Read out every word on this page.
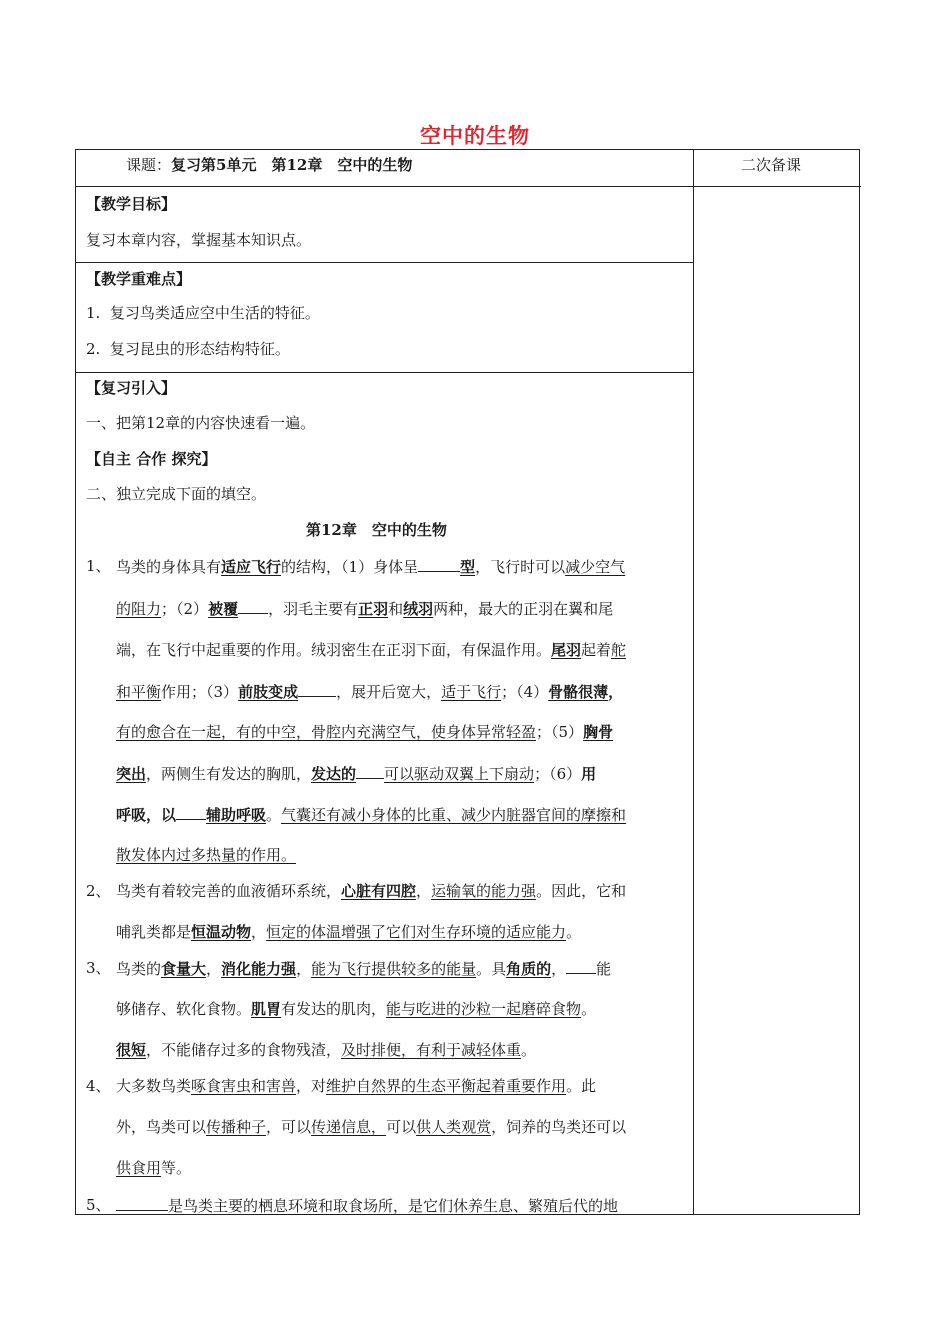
空中的生物
课题：复习第5单元　第12章　空中的生物	二次备课
【教学目标】
复习本章内容，掌握基本知识点。
【教学重难点】
1. 复习鸟类适应空中生活的特征。
2. 复习昆虫的形态结构特征。
【复习引入】
一、把第12章的内容快速看一遍。
【自主 合作 探究】
二、独立完成下面的填空。
第12章　空中的生物
1、 鸟类的身体具有适应飞行的结构，（1）身体呈	型，飞行时可以减少空气
的阻力；（2）被覆 ，羽毛主要有正羽和绒羽两种，最大的正羽在翼和尾
端，在飞行中起重要的作用。绒羽密生在正羽下面，有保温作用。尾羽起着舵
和平衡作用；（3）前肢变成	，展开后宽大，适于飞行；（4）骨骼很薄，
有的愈合在一起，有的中空，骨腔内充满空气，使身体异常轻盈；（5）胸骨
突出，两侧生有发达的胸肌，发达的 可以驱动双翼上下扇动；（6）用
呼吸，以 辅助呼吸。气囊还有减小身体的比重、减少内脏器官间的摩擦和
散发体内过多热量的作用。
2、 鸟类有着较完善的血液循环系统，心脏有四腔，运输氧的能力强。因此，它和
哺乳类都是恒温动物，恒定的体温增强了它们对生存环境的适应能力。
3、 鸟类的食量大，消化能力强，能为飞行提供较多的能量。具角质的， 能
够储存、软化食物。肌胃有发达的肌肉，能与吃进的沙粒一起磨碎食物。
很短，不能储存过多的食物残渣，及时排便，有利于减轻体重。
4、 大多数鸟类啄食害虫和害兽，对维护自然界的生态平衡起着重要作用。此
外，鸟类可以传播种子，可以传递信息，可以供人类观赏，饲养的鸟类还可以
供食用等。
5、	是鸟类主要的栖息环境和取食场所，是它们休养生息、繁殖后代的地
